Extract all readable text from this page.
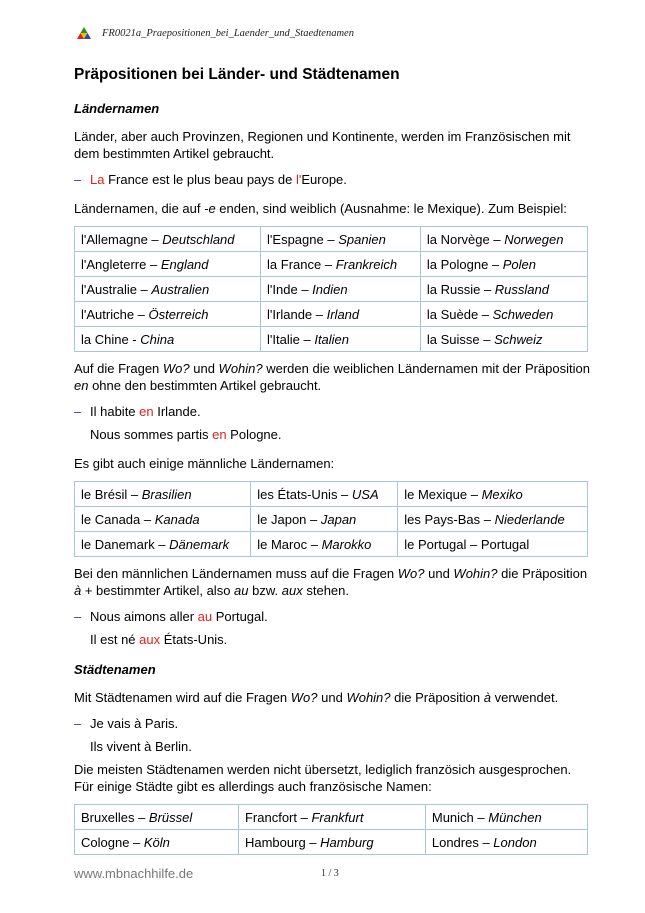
FR0021a_Praepositionen_bei_Laender_und_Staedtenamen
Präpositionen bei Länder- und Städtenamen
Ländernamen

Länder, aber auch Provinzen, Regionen und Kontinente, werden im Französischen mit dem bestimmten Artikel gebraucht.

– La France est le plus beau pays de l'Europe.

Ländernamen, die auf -e enden, sind weiblich (Ausnahme: le Mexique). Zum Beispiel:

l'Allemagne – Deutschland	l'Espagne – Spanien	la Norvège – Norwegen
l'Angleterre – England	la France – Frankreich	la Pologne – Polen
l'Australie – Australien	l'Inde – Indien	la Russie – Russland
l'Autriche – Österreich	l'Irlande – Irland	la Suède – Schweden
la Chine - China	l'Italie – Italien	la Suisse – Schweiz

Auf die Fragen Wo? und Wohin? werden die weiblichen Ländernamen mit der Präposition en ohne den bestimmten Artikel gebraucht.

– Il habite en Irlande.
Nous sommes partis en Pologne.

Es gibt auch einige männliche Ländernamen:

le Brésil – Brasilien	les États-Unis – USA	le Mexique – Mexiko
le Canada – Kanada	le Japon – Japan	les Pays-Bas – Niederlande
le Danemark – Dänemark	le Maroc – Marokko	le Portugal – Portugal

Bei den männlichen Ländernamen muss auf die Fragen Wo? und Wohin? die Präposition à + bestimmter Artikel, also au bzw. aux stehen.

– Nous aimons aller au Portugal.
Il est né aux États-Unis.
Städtenamen

Mit Städtenamen wird auf die Fragen Wo? und Wohin? die Präposition à verwendet.

– Je vais à Paris.
Ils vivent à Berlin.

Die meisten Städtenamen werden nicht übersetzt, lediglich französich ausgesprochen. Für einige Städte gibt es allerdings auch französische Namen:

Bruxelles – Brüssel	Francfort – Frankfurt	Munich – München
Cologne – Köln	Hambourg – Hamburg	Londres – London
www.mbnachhilfe.de	1 / 3
